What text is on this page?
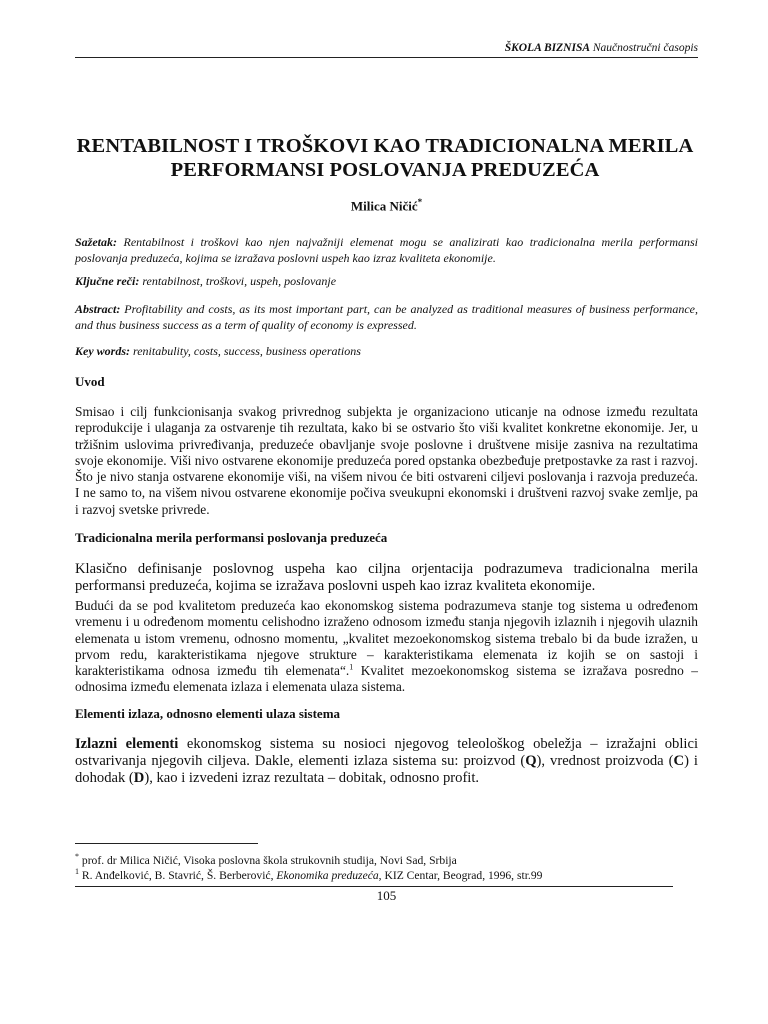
ŠKOLA BIZNISA Naučnostručni časopis
RENTABILNOST I TROŠKOVI KAO TRADICIONALNA MERILA
PERFORMANSI POSLOVANJA PREDUZEĆA
Milica Ničić*
Sažetak: Rentabilnost i troškovi kao njen najvažniji elemenat mogu se analizirati kao tradicionalna merila performansi poslovanja preduzeća, kojima se izražava poslovni uspeh kao izraz kvaliteta ekonomije.
Ključne reči: rentabilnost, troškovi, uspeh, poslovanje
Abstract: Profitability and costs, as its most important part, can be analyzed as traditional measures of business performance, and thus business success as a term of quality of economy is expressed.
Key words: renitabulity, costs, success, business operations
Uvod
Smisao i cilj funkcionisanja svakog privrednog subjekta je organizaciono uticanje na odnose između rezultata reprodukcije i ulaganja za ostvarenje tih rezultata, kako bi se ostvario što viši kvalitet konkretne ekonomije. Jer, u tržišnim uslovima privređivanja, preduzeće obavljanje svoje poslovne i društvene misije zasniva na rezultatima svoje ekonomije. Viši nivo ostvarene ekonomije preduzeća pored opstanka obezbeđuje pretpostavke za rast i razvoj. Što je nivo stanja ostvarene ekonomije viši, na višem nivou će biti ostvareni ciljevi poslovanja i razvoja preduzeća. I ne samo to, na višem nivou ostvarene ekonomije počiva sveukupni ekonomski i društveni razvoj svake zemlje, pa i razvoj svetske privrede.
Tradicionalna merila performansi poslovanja preduzeća
Klasično definisanje poslovnog uspeha kao ciljna orjentacija podrazumeva tradicionalna merila performansi preduzeća, kojima se izražava poslovni uspeh kao izraz kvaliteta ekonomije.
Budući da se pod kvalitetom preduzeća kao ekonomskog sistema podrazumeva stanje tog sistema u određenom vremenu i u određenom momentu celishodno izraženo odnosom između stanja njegovih izlaznih i njegovih ulaznih elemenata u istom vremenu, odnosno momentu, „kvalitet mezoekonomskog sistema trebalo bi da bude izražen, u prvom redu, karakteristikama njegove strukture – karakteristikama elemenata iz kojih se on sastoji i karakteristikama odnosa između tih elemenata“.$^1$ Kvalitet mezoekonomskog sistema se izražava posredno – odnosima između elemenata izlaza i elemenata ulaza sistema.
Elementi izlaza, odnosno elementi ulaza sistema
Izlazni elementi ekonomskog sistema su nosioci njegovog teleološkog obeležja – izražajni oblici ostvarivanja njegovih ciljeva. Dakle, elementi izlaza sistema su: proizvod (Q), vrednost proizvoda (C) i dohodak (D), kao i izvedeni izraz rezultata – dobitak, odnosno profit.
* prof. dr Milica Ničić, Visoka poslovna škola strukovnih studija, Novi Sad, Srbija
$^1$ R. Anđelković, B. Stavrić, Š. Berberović, Ekonomika preduzeća, KIZ Centar, Beograd, 1996, str.99
105
